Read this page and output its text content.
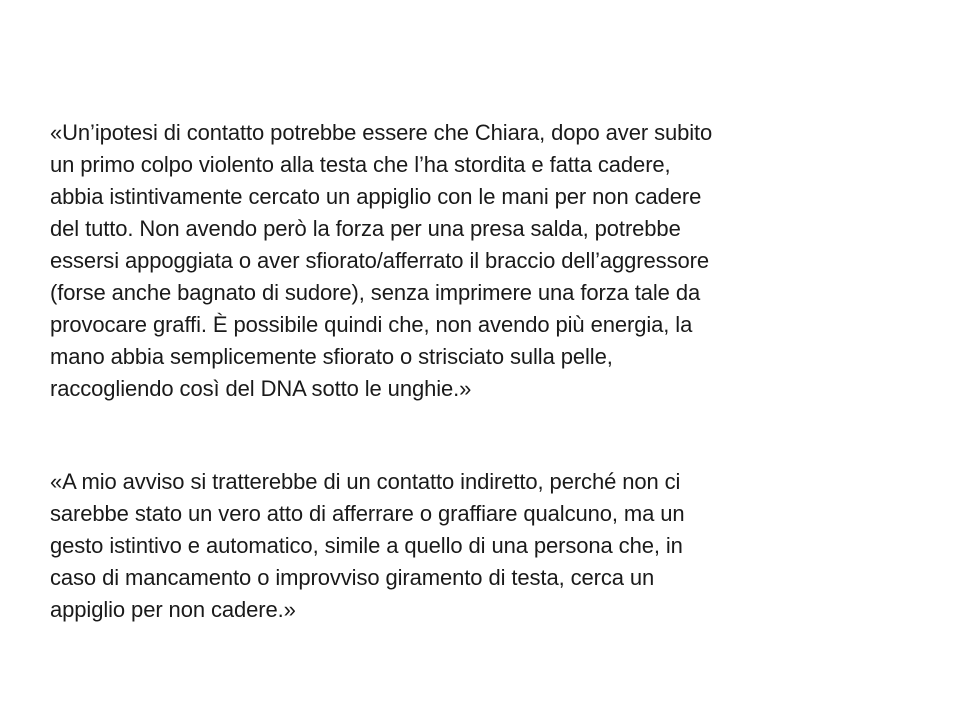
«Un’ipotesi di contatto potrebbe essere che Chiara, dopo aver subito
un primo colpo violento alla testa che l’ha stordita e fatta cadere,
abbia istintivamente cercato un appiglio con le mani per non cadere
del tutto. Non avendo però la forza per una presa salda, potrebbe
essersi appoggiata o aver sfiorato/afferrato il braccio dell’aggressore
(forse anche bagnato di sudore), senza imprimere una forza tale da
provocare graffi. È possibile quindi che, non avendo più energia, la
mano abbia semplicemente sfiorato o strisciato sulla pelle,
raccogliendo così del DNA sotto le unghie.»

«A mio avviso si tratterebbe di un contatto indiretto, perché non ci
sarebbe stato un vero atto di afferrare o graffiare qualcuno, ma un
gesto istintivo e automatico, simile a quello di una persona che, in
caso di mancamento o improvviso giramento di testa, cerca un
appiglio per non cadere.»
